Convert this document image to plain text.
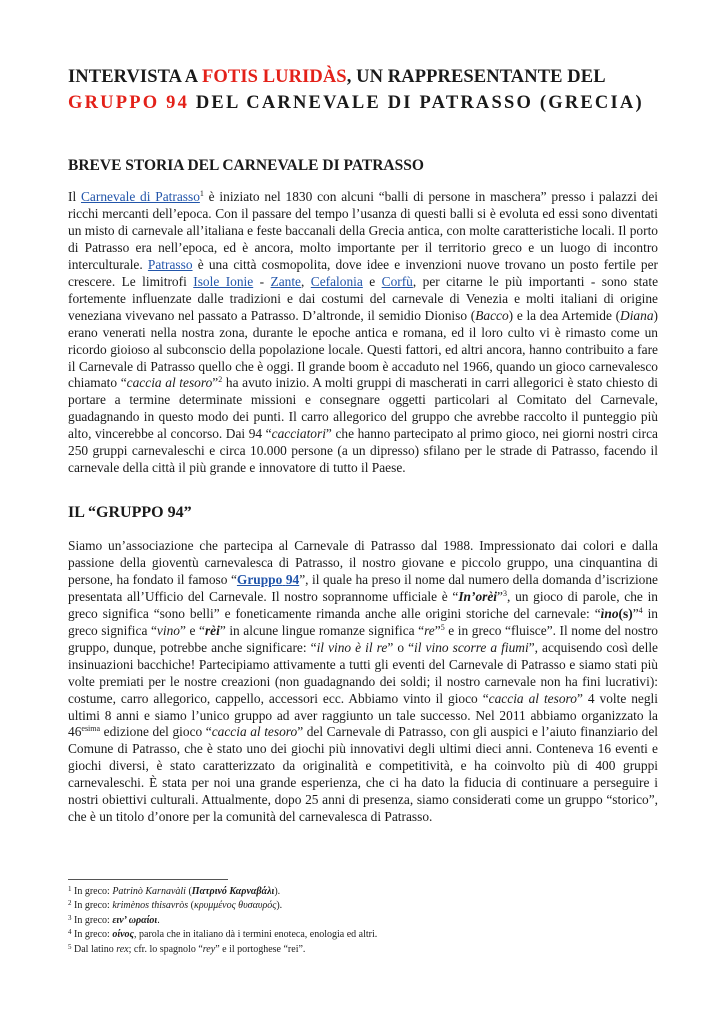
INTERVISTA A FOTIS LURIDÀS, UN RAPPRESENTANTE DEL
GRUPPO 94 DEL CARNEVALE DI PATRASSO (GRECIA)
BREVE STORIA DEL CARNEVALE DI PATRASSO

Il Carnevale di Patrasso$^1$ è iniziato nel 1830 con alcuni “balli di persone in maschera” presso i palazzi dei ricchi mercanti dell’epoca. Con il passare del tempo l’usanza di questi balli si è evoluta ed essi sono diventati un misto di carnevale all’italiana e feste baccanali della Grecia antica, con molte caratteristiche locali. Il porto di Patrasso era nell’epoca, ed è ancora, molto importante per il territorio greco e un luogo di incontro interculturale. Patrasso è una città cosmopolita, dove idee e invenzioni nuove trovano un posto fertile per crescere. Le limitrofi Isole Ionie - Zante, Cefalonia e Corfù, per citarne le più importanti - sono state fortemente influenzate dalle tradizioni e dai costumi del carnevale di Venezia e molti italiani di origine veneziana vivevano nel passato a Patrasso. D’altronde, il semidio Dioniso (Bacco) e la dea Artemide (Diana) erano venerati nella nostra zona, durante le epoche antica e romana, ed il loro culto vi è rimasto come un ricordo gioioso al subconscio della popolazione locale. Questi fattori, ed altri ancora, hanno contribuito a fare il Carnevale di Patrasso quello che è oggi. Il grande boom è accaduto nel 1966, quando un gioco carnevalesco chiamato “caccia al tesoro”$^2$ ha avuto inizio. A molti gruppi di mascherati in carri allegorici è stato chiesto di portare a termine determinate missioni e consegnare oggetti particolari al Comitato del Carnevale, guadagnando in questo modo dei punti. Il carro allegorico del gruppo che avrebbe raccolto il punteggio più alto, vincerebbe al concorso. Dai 94 “cacciatori” che hanno partecipato al primo gioco, nei giorni nostri circa 250 gruppi carnevaleschi e circa 10.000 persone (a un dipresso) sfilano per le strade di Patrasso, facendo il carnevale della città il più grande e innovatore di tutto il Paese.

IL “GRUPPO 94”

Siamo un’associazione che partecipa al Carnevale di Patrasso dal 1988. Impressionato dai colori e dalla passione della gioventù carnevalesca di Patrasso, il nostro giovane e piccolo gruppo, una cinquantina di persone, ha fondato il famoso “Gruppo 94”, il quale ha preso il nome dal numero della domanda d’iscrizione presentata all’Ufficio del Carnevale. Il nostro soprannome ufficiale è “In’orèi”$^3$, un gioco di parole, che in greco significa “sono belli” e foneticamente rimanda anche alle origini storiche del carnevale: “ìno(s)”$^4$ in greco significa “vino” e “rèi” in alcune lingue romanze significa “re”$^5$ e in greco “fluisce”. Il nome del nostro gruppo, dunque, potrebbe anche significare: “il vino è il re” o “il vino scorre a fiumi”, acquisendo così delle insinuazioni bacchiche! Partecipiamo attivamente a tutti gli eventi del Carnevale di Patrasso e siamo stati più volte premiati per le nostre creazioni (non guadagnando dei soldi; il nostro carnevale non ha fini lucrativi): costume, carro allegorico, cappello, accessori ecc. Abbiamo vinto il gioco “caccia al tesoro” 4 volte negli ultimi 8 anni e siamo l’unico gruppo ad aver raggiunto un tale successo. Nel 2011 abbiamo organizzato la $46^{esima}$ edizione del gioco “caccia al tesoro” del Carnevale di Patrasso, con gli auspici e l’aiuto finanziario del Comune di Patrasso, che è stato uno dei giochi più innovativi degli ultimi dieci anni. Conteneva 16 eventi e giochi diversi, è stato caratterizzato da originalità e competitività, e ha coinvolto più di 400 gruppi carnevaleschi. È stata per noi una grande esperienza, che ci ha dato la fiducia di continuare a perseguire i nostri obiettivi culturali. Attualmente, dopo 25 anni di presenza, siamo considerati come un gruppo “storico”, che è un titolo d’onore per la comunità del carnevalesca di Patrasso.

$^1$ In greco: Patrinò Karnavàli (Πατρινό Καρναβάλι).
$^2$ In greco: krimènos thisavròs (κρυμμένος θυσαυρός).
$^3$ In greco: ειν’ ωραίοι.
$^4$ In greco: οίνος, parola che in italiano dà i termini enoteca, enologia ed altri.
$^5$ Dal latino rex; cfr. lo spagnolo “rey” e il portoghese “rei”.
